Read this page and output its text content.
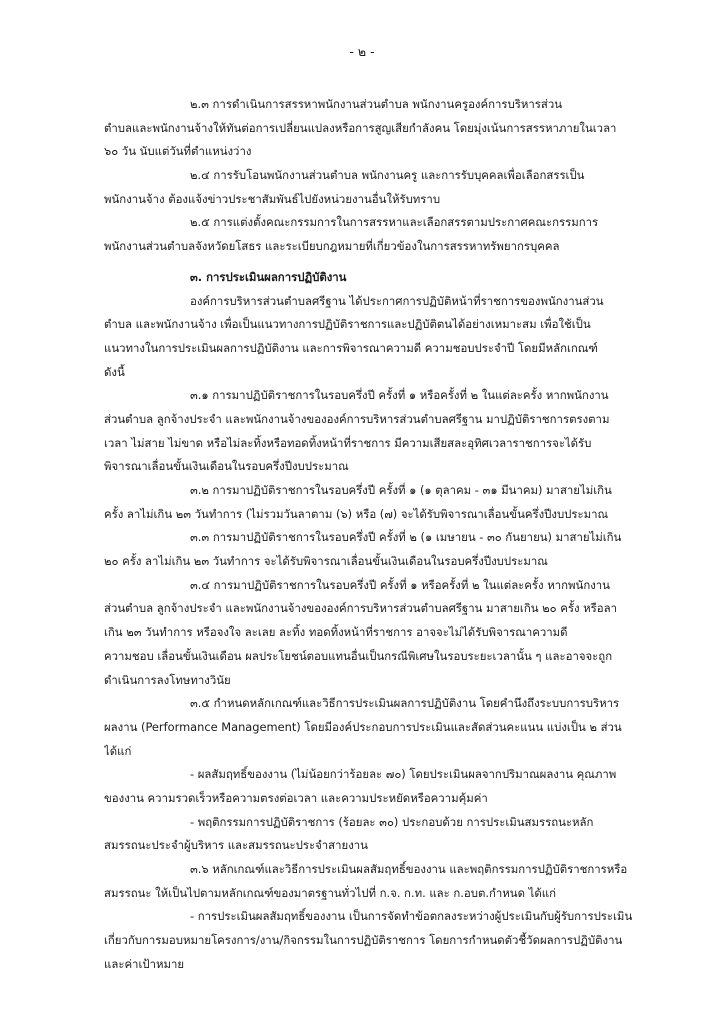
- ๒ -
๒.๓ การดำเนินการสรรหาพนักงานส่วนตำบล พนักงานครูองค์การบริหารส่วน
ตำบลและพนักงานจ้างให้ทันต่อการเปลี่ยนแปลงหรือการสูญเสียกำลังคน โดยมุ่งเน้นการสรรหาภายในเวลา
๖๐ วัน นับแต่วันที่ตำแหน่งว่าง
๒.๔ การรับโอนพนักงานส่วนตำบล พนักงานครู และการรับบุคคลเพื่อเลือกสรรเป็น
พนักงานจ้าง ต้องแจ้งข่าวประชาสัมพันธ์ไปยังหน่วยงานอื่นให้รับทราบ
๒.๕ การแต่งตั้งคณะกรรมการในการสรรหาและเลือกสรรตามประกาศคณะกรรมการ
พนักงานส่วนตำบลจังหวัดยโสธร และระเบียบกฎหมายที่เกี่ยวข้องในการสรรหาทรัพยากรบุคคล
๓. การประเมินผลการปฏิบัติงาน
องค์การบริหารส่วนตำบลศรีฐาน ได้ประกาศการปฏิบัติหน้าที่ราชการของพนักงานส่วน
ตำบล และพนักงานจ้าง เพื่อเป็นแนวทางการปฏิบัติราชการและปฏิบัติตนได้อย่างเหมาะสม เพื่อใช้เป็น
แนวทางในการประเมินผลการปฏิบัติงาน และการพิจารณาความดี ความชอบประจำปี โดยมีหลักเกณฑ์
ดังนี้
๓.๑ การมาปฏิบัติราชการในรอบครึ่งปี ครั้งที่ ๑ หรือครั้งที่ ๒ ในแต่ละครั้ง หากพนักงาน
ส่วนตำบล ลูกจ้างประจำ และพนักงานจ้างขององค์การบริหารส่วนตำบลศรีฐาน มาปฏิบัติราชการตรงตาม
เวลา ไม่สาย ไม่ขาด หรือไม่ละทิ้งหรือทอดทิ้งหน้าที่ราชการ มีความเสียสละอุทิศเวลาราชการจะได้รับ
พิจารณาเลื่อนขั้นเงินเดือนในรอบครึ่งปีงบประมาณ
๓.๒ การมาปฏิบัติราชการในรอบครึ่งปี ครั้งที่ ๑ (๑ ตุลาคม - ๓๑ มีนาคม) มาสายไม่เกิน
ครั้ง ลาไม่เกิน ๒๓ วันทำการ (ไม่รวมวันลาตาม (๖) หรือ (๗) จะได้รับพิจารณาเลื่อนขั้นครึ่งปีงบประมาณ
๓.๓ การมาปฏิบัติราชการในรอบครึ่งปี ครั้งที่ ๒ (๑ เมษายน - ๓๐ กันยายน) มาสายไม่เกิน
๒๐ ครั้ง ลาไม่เกิน ๒๓ วันทำการ จะได้รับพิจารณาเลื่อนขั้นเงินเดือนในรอบครึ่งปีงบประมาณ
๓.๔ การมาปฏิบัติราชการในรอบครึ่งปี ครั้งที่ ๑ หรือครั้งที่ ๒ ในแต่ละครั้ง หากพนักงาน
ส่วนตำบล ลูกจ้างประจำ และพนักงานจ้างขององค์การบริหารส่วนตำบลศรีฐาน มาสายเกิน ๒๐ ครั้ง หรือลา
เกิน ๒๓ วันทำการ หรือจงใจ ละเลย ละทิ้ง ทอดทิ้งหน้าที่ราชการ อาจจะไม่ได้รับพิจารณาความดี
ความชอบ เลื่อนขั้นเงินเดือน ผลประโยชน์ตอบแทนอื่นเป็นกรณีพิเศษในรอบระยะเวลานั้น ๆ และอาจจะถูก
ดำเนินการลงโทษทางวินัย
๓.๕ กำหนดหลักเกณฑ์และวิธีการประเมินผลการปฏิบัติงาน โดยคำนึงถึงระบบการบริหาร
ผลงาน (Performance Management) โดยมีองค์ประกอบการประเมินและสัดส่วนคะแนน แบ่งเป็น ๒ ส่วน
ได้แก่
- ผลสัมฤทธิ์ของงาน (ไม่น้อยกว่าร้อยละ ๗๐) โดยประเมินผลจากปริมาณผลงาน คุณภาพ
ของงาน ความรวดเร็วหรือความตรงต่อเวลา และความประหยัดหรือความคุ้มค่า
- พฤติกรรมการปฏิบัติราชการ (ร้อยละ ๓๐) ประกอบด้วย การประเมินสมรรถนะหลัก
สมรรถนะประจำผู้บริหาร และสมรรถนะประจำสายงาน
๓.๖ หลักเกณฑ์และวิธีการประเมินผลสัมฤทธิ์ของงาน และพฤติกรรมการปฏิบัติราชการหรือ
สมรรถนะ ให้เป็นไปตามหลักเกณฑ์ของมาตรฐานทั่วไปที่ ก.จ. ก.ท. และ ก.อบต.กำหนด ได้แก่
- การประเมินผลสัมฤทธิ์ของงาน เป็นการจัดทำข้อตกลงระหว่างผู้ประเมินกับผู้รับการประเมิน
เกี่ยวกับการมอบหมายโครงการ/งาน/กิจกรรมในการปฏิบัติราชการ โดยการกำหนดตัวชี้วัดผลการปฏิบัติงาน
และค่าเป้าหมาย
